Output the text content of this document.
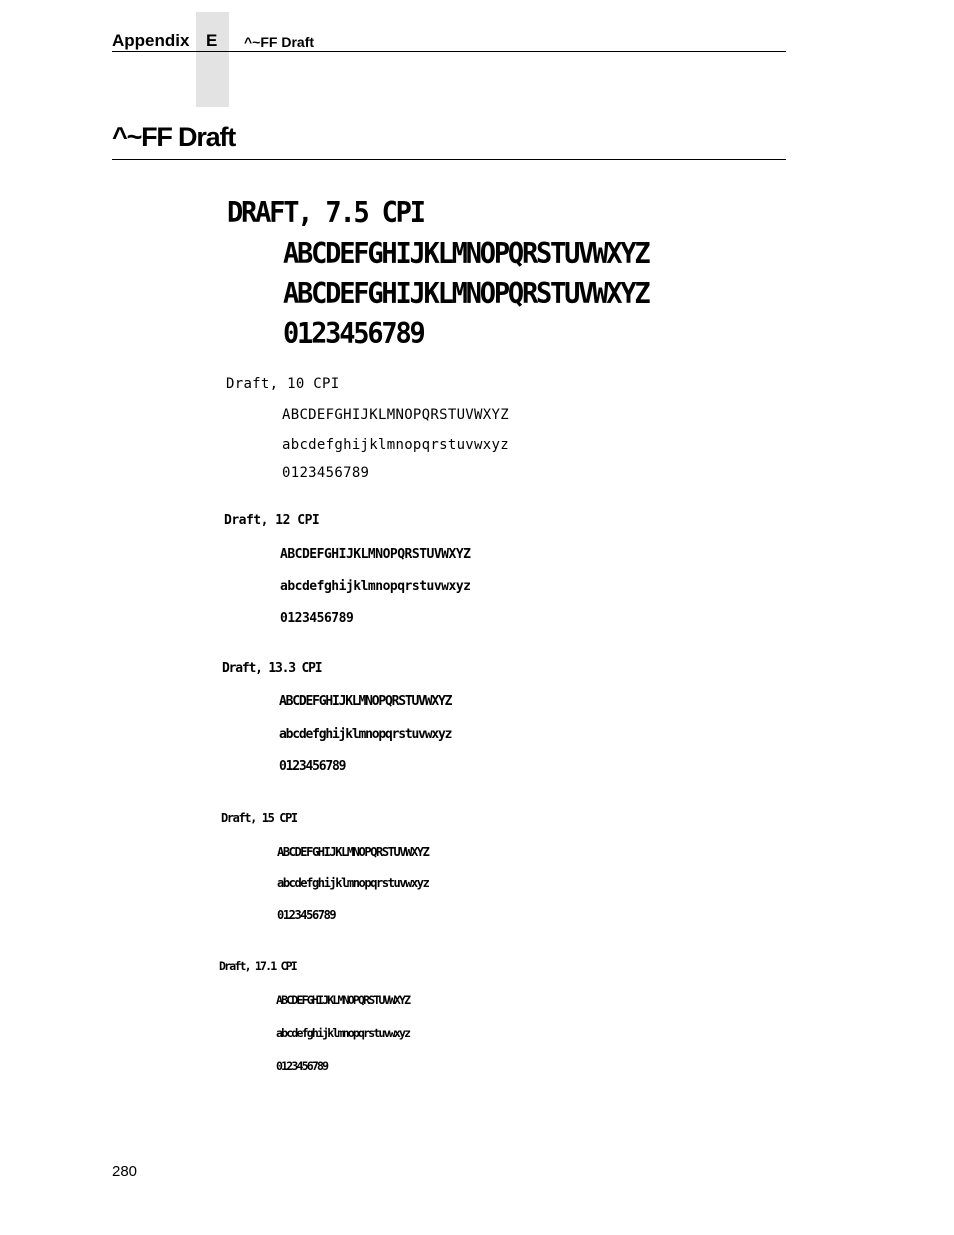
Appendix E ^~FF Draft
^~FF Draft
DRAFT, 7.5 CPI
ABCDEFGHIJKLMNOPQRSTUVWXYZ
ABCDEFGHIJKLMNOPQRSTUVWXYZ
0123456789
Draft, 10 CPI
ABCDEFGHIJKLMNOPQRSTUVWXYZ
abcdefghijklmnopqrstuvwxyz
0123456789
Draft, 12 CPI
ABCDEFGHIJKLMNOPQRSTUVWXYZ
abcdefghijklmnopqrstuvwxyz
0123456789
Draft, 13.3 CPI
ABCDEFGHIJKLMNOPQRSTUVWXYZ
abcdefghijklmnopqrstuvwxyz
0123456789
Draft, 15 CPI
ABCDEFGHIJKLMNOPQRSTUVWXYZ
abcdefghijklmnopqrstuvwxyz
0123456789
Draft, 17.1 CPI
ABCDEFGHIJKLMNOPQRSTUVWXYZ
abcdefghijklmnopqrstuvwxyz
0123456789
280
